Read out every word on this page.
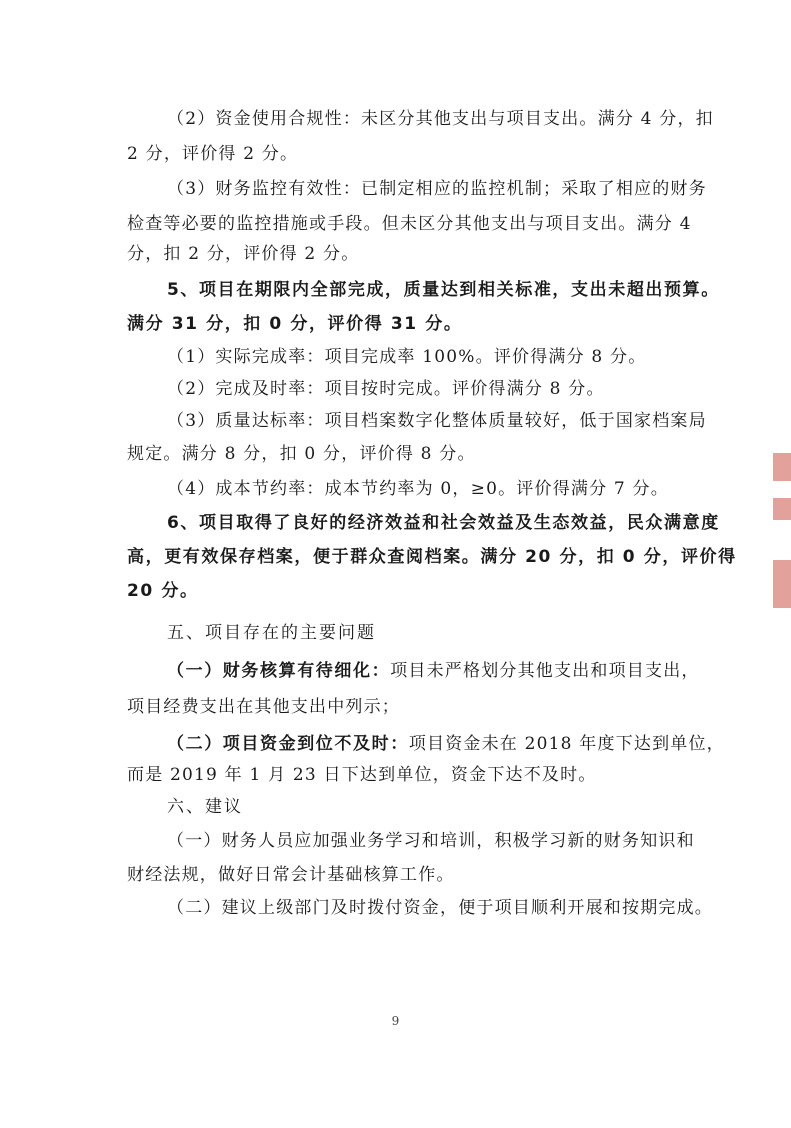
（2）资金使用合规性：未区分其他支出与项目支出。满分 4 分，扣
2 分，评价得 2 分。
（3）财务监控有效性：已制定相应的监控机制；采取了相应的财务
检查等必要的监控措施或手段。但未区分其他支出与项目支出。满分 4
分，扣 2 分，评价得 2 分。
5、项目在期限内全部完成，质量达到相关标准，支出未超出预算。
满分 31 分，扣 0 分，评价得 31 分。
（1）实际完成率：项目完成率 100%。评价得满分 8 分。
（2）完成及时率：项目按时完成。评价得满分 8 分。
（3）质量达标率：项目档案数字化整体质量较好，低于国家档案局
规定。满分 8 分，扣 0 分，评价得 8 分。
（4）成本节约率：成本节约率为 0，≥0。评价得满分 7 分。
6、项目取得了良好的经济效益和社会效益及生态效益，民众满意度
高，更有效保存档案，便于群众查阅档案。满分 20 分，扣 0 分，评价得
20 分。
五、项目存在的主要问题
（一）财务核算有待细化：项目未严格划分其他支出和项目支出，
项目经费支出在其他支出中列示；
（二）项目资金到位不及时：项目资金未在 2018 年度下达到单位，
而是 2019 年 1 月 23 日下达到单位，资金下达不及时。
六、建议
（一）财务人员应加强业务学习和培训，积极学习新的财务知识和
财经法规，做好日常会计基础核算工作。
（二）建议上级部门及时拨付资金，便于项目顺利开展和按期完成。
9
